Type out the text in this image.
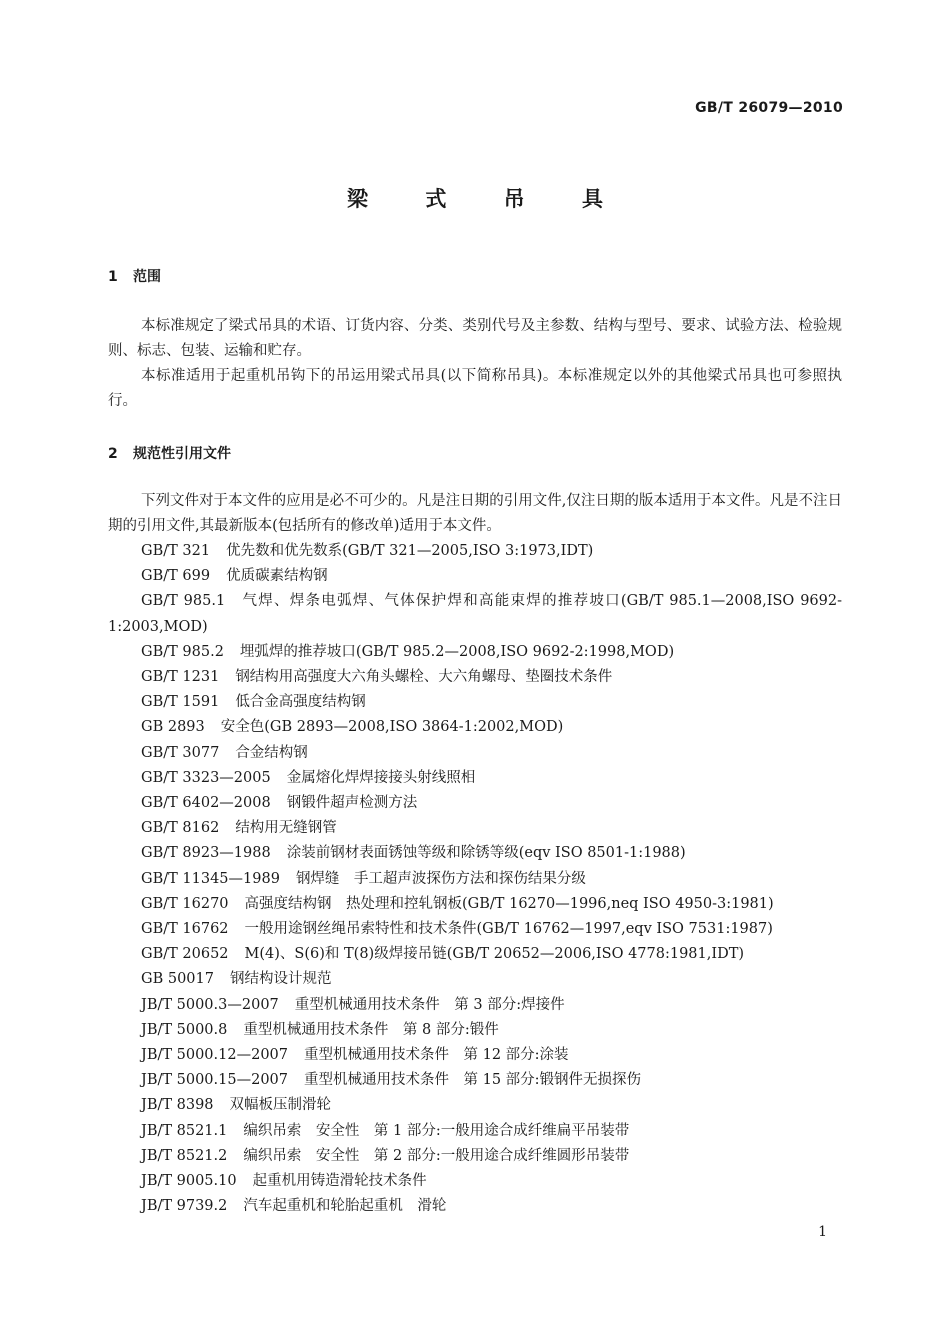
GB/T 26079—2010
梁 式 吊 具
1 范围

本标准规定了梁式吊具的术语、订货内容、分类、类别代号及主参数、结构与型号、要求、试验方法、检验规则、标志、包装、运输和贮存。

本标准适用于起重机吊钩下的吊运用梁式吊具(以下简称吊具)。本标准规定以外的其他梁式吊具也可参照执行。

2 规范性引用文件

下列文件对于本文件的应用是必不可少的。凡是注日期的引用文件,仅注日期的版本适用于本文件。凡是不注日期的引用文件,其最新版本(包括所有的修改单)适用于本文件。

GB/T 321 优先数和优先数系(GB/T 321—2005,ISO 3:1973,IDT)
GB/T 699 优质碳素结构钢
GB/T 985.1 气焊、焊条电弧焊、气体保护焊和高能束焊的推荐坡口(GB/T 985.1—2008,ISO 9692-1:2003,MOD)
GB/T 985.2 埋弧焊的推荐坡口(GB/T 985.2—2008,ISO 9692-2:1998,MOD)
GB/T 1231 钢结构用高强度大六角头螺栓、大六角螺母、垫圈技术条件
GB/T 1591 低合金高强度结构钢
GB 2893 安全色(GB 2893—2008,ISO 3864-1:2002,MOD)
GB/T 3077 合金结构钢
GB/T 3323—2005 金属熔化焊焊接接头射线照相
GB/T 6402—2008 钢锻件超声检测方法
GB/T 8162 结构用无缝钢管
GB/T 8923—1988 涂装前钢材表面锈蚀等级和除锈等级(eqv ISO 8501-1:1988)
GB/T 11345—1989 钢焊缝　手工超声波探伤方法和探伤结果分级
GB/T 16270 高强度结构钢　热处理和控轧钢板(GB/T 16270—1996,neq ISO 4950-3:1981)
GB/T 16762 一般用途钢丝绳吊索特性和技术条件(GB/T 16762—1997,eqv ISO 7531:1987)
GB/T 20652 M(4)、S(6)和 T(8)级焊接吊链(GB/T 20652—2006,ISO 4778:1981,IDT)
GB 50017 钢结构设计规范
JB/T 5000.3—2007 重型机械通用技术条件　第 3 部分:焊接件
JB/T 5000.8 重型机械通用技术条件　第 8 部分:锻件
JB/T 5000.12—2007 重型机械通用技术条件　第 12 部分:涂装
JB/T 5000.15—2007 重型机械通用技术条件　第 15 部分:锻钢件无损探伤
JB/T 8398 双幅板压制滑轮
JB/T 8521.1 编织吊索　安全性　第 1 部分:一般用途合成纤维扁平吊装带
JB/T 8521.2 编织吊索　安全性　第 2 部分:一般用途合成纤维圆形吊装带
JB/T 9005.10 起重机用铸造滑轮技术条件
JB/T 9739.2 汽车起重机和轮胎起重机　滑轮
1
